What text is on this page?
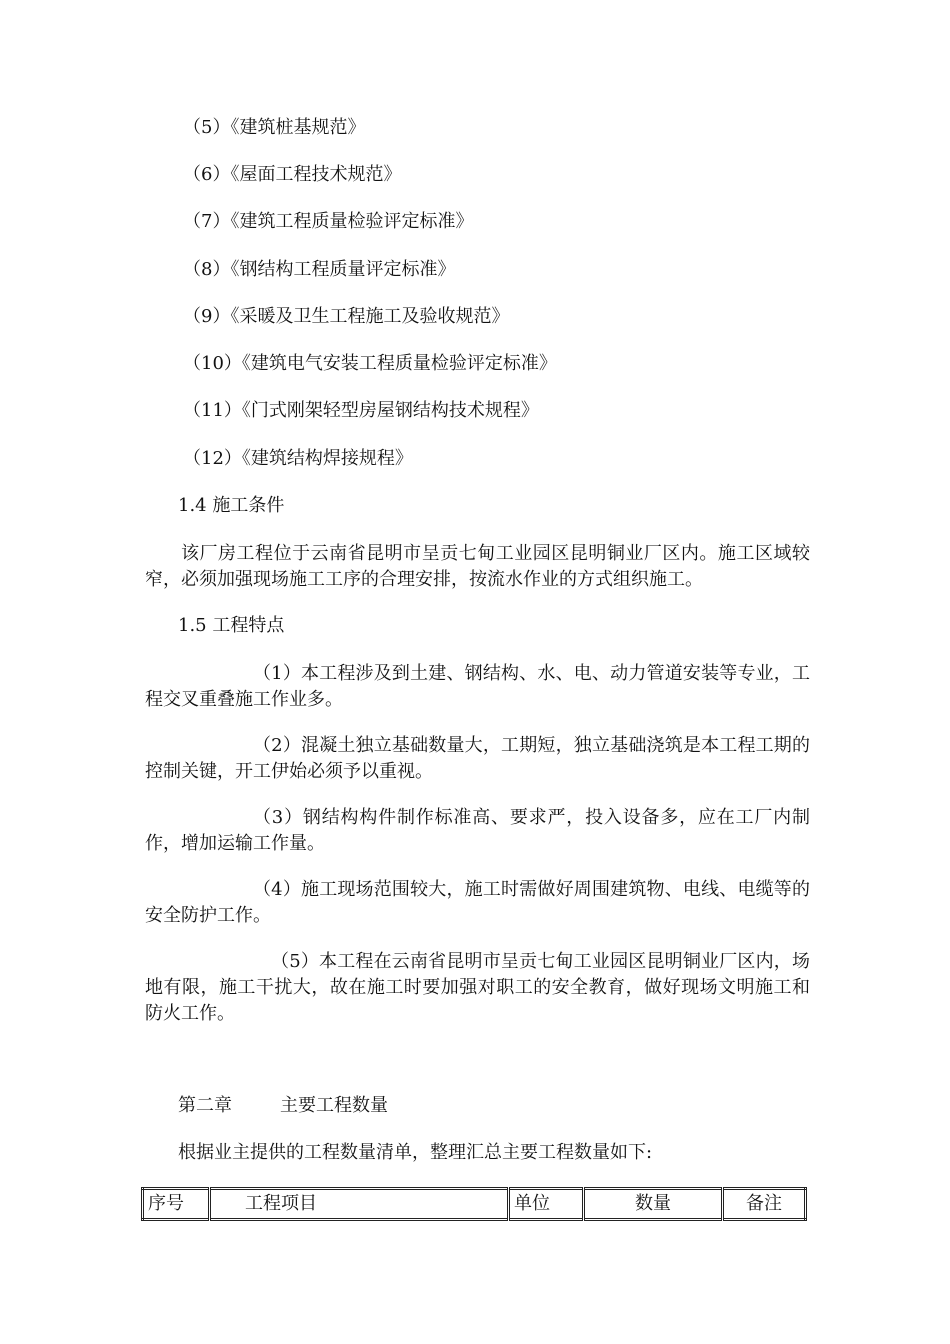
（5）《建筑桩基规范》
（6）《屋面工程技术规范》
（7）《建筑工程质量检验评定标准》
（8）《钢结构工程质量评定标准》
（9）《采暖及卫生工程施工及验收规范》
（10）《建筑电气安装工程质量检验评定标准》
（11）《门式刚架轻型房屋钢结构技术规程》
（12）《建筑结构焊接规程》
1.4 施工条件
该厂房工程位于云南省昆明市呈贡七甸工业园区昆明铜业厂区内。施工区域较窄，必须加强现场施工工序的合理安排，按流水作业的方式组织施工。
1.5 工程特点
（1）本工程涉及到土建、钢结构、水、电、动力管道安装等专业，工程交叉重叠施工作业多。
（2）混凝土独立基础数量大，工期短，独立基础浇筑是本工程工期的控制关键，开工伊始必须予以重视。
（3）钢结构构件制作标准高、要求严，投入设备多，应在工厂内制作，增加运输工作量。
（4）施工现场范围较大，施工时需做好周围建筑物、电线、电缆等的安全防护工作。
（5）本工程在云南省昆明市呈贡七甸工业园区昆明铜业厂区内，场地有限，施工干扰大，故在施工时要加强对职工的安全教育，做好现场文明施工和防火工作。
第二章	主要工程数量
根据业主提供的工程数量清单，整理汇总主要工程数量如下:
序号	工程项目	单位	数量	备注
